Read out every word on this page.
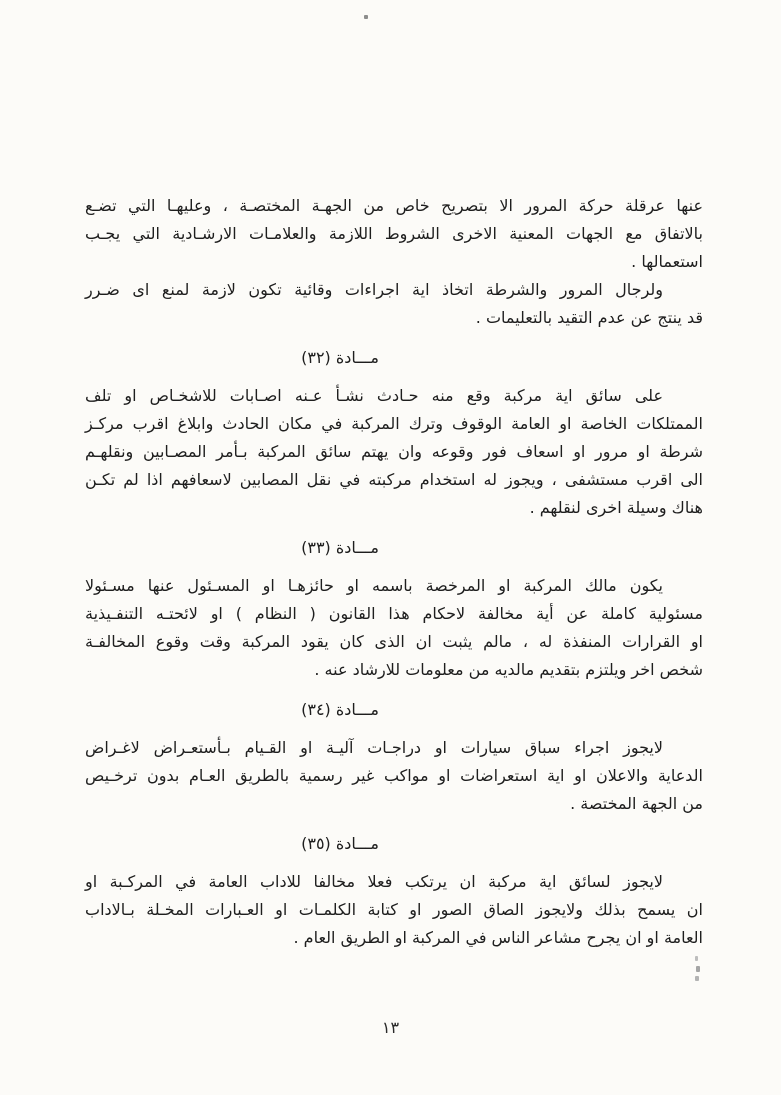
عنها عرقلة حركة المرور الا بتصريح خاص من الجهـة المختصـة ، وعليهـا التي تضـع
بالاتفاق مع الجهات المعنية الاخرى الشروط اللازمة والعلامـات الارشـادية التي يجـب
استعمالها .
ولرجال المرور والشرطة اتخاذ اية اجراءات وقائية تكون لازمة لمنع اى ضـرر
قد ينتج عن عدم التقيد بالتعليمات .
مـــادة (٣٢)
على سائق اية مركبة وقع منه حـادث نشـأ عـنه اصـابات للاشخـاص او تلف
الممتلكات الخاصة او العامة الوقوف وترك المركبة في مكان الحادث وابلاغ اقرب مركـز
شرطة او مرور او اسعاف فور وقوعه وان يهتم سائق المركبة بـأمر المصـابين ونقلهـم
الى اقرب مستشفى ، ويجوز له استخدام مركبته في نقل المصابين لاسعافهم اذا لم تكـن
هناك وسيلة اخرى لنقلهم .
مـــادة (٣٣)
يكون مالك المركبة او المرخصة باسمه او حائزهـا او المسـئول عنها مسـئولا
مسئولية كاملة عن أية مخالفة لاحكام هذا القانون ( النظام ) او لائحتـه التنفـيذية
او القرارات المنفذة له ، مالم يثبت ان الذى كان يقود المركبة وقت وقوع المخالفـة
شخص اخر ويلتزم بتقديم مالديه من معلومات للارشاد عنه .
مـــادة (٣٤)
لايجوز اجراء سباق سيارات او دراجـات آليـة او القـيام بـأستعـراض لاغـراض
الدعاية والاعلان او اية استعراضات او مواكب غير رسمية بالطريق العـام بدون ترخـيص
من الجهة المختصة .
مـــادة (٣٥)
لايجوز لسائق اية مركبة ان يرتكب فعلا مخالفا للاداب العامة في المركـبة او
ان يسمح بذلك ولايجوز الصاق الصور او كتابة الكلمـات او العـبارات المخـلة بـالاداب
العامة او ان يجرح مشاعر الناس في المركبة او الطريق العام .
١٣
